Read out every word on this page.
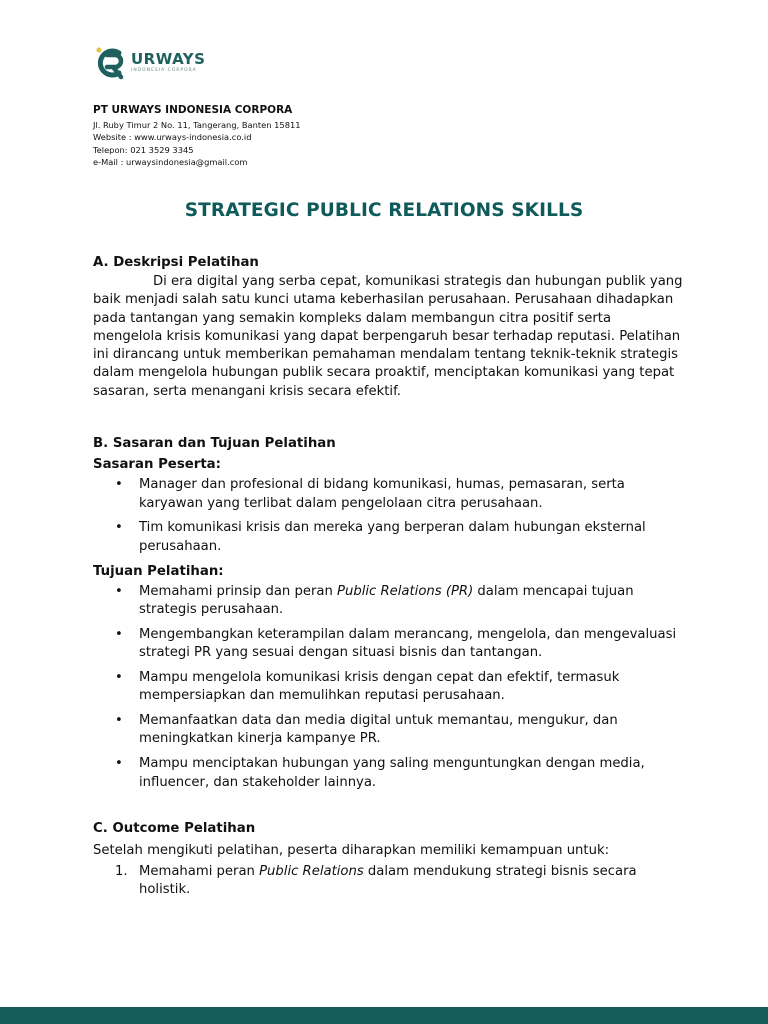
URWAYS
INDONESIA CORPORA
PT URWAYS INDONESIA CORPORA
Jl. Ruby Timur 2 No. 11, Tangerang, Banten 15811
Website : www.urways-indonesia.co.id
Telepon: 021 3529 3345
e-Mail : urwaysindonesia@gmail.com
STRATEGIC PUBLIC RELATIONS SKILLS
A. Deskripsi Pelatihan

Di era digital yang serba cepat, komunikasi strategis dan hubungan publik yang baik menjadi salah satu kunci utama keberhasilan perusahaan. Perusahaan dihadapkan pada tantangan yang semakin kompleks dalam membangun citra positif serta mengelola krisis komunikasi yang dapat berpengaruh besar terhadap reputasi. Pelatihan ini dirancang untuk memberikan pemahaman mendalam tentang teknik-teknik strategis dalam mengelola hubungan publik secara proaktif, menciptakan komunikasi yang tepat sasaran, serta menangani krisis secara efektif.

B. Sasaran dan Tujuan Pelatihan
Sasaran Peserta:
• Manager dan profesional di bidang komunikasi, humas, pemasaran, serta karyawan yang terlibat dalam pengelolaan citra perusahaan.
• Tim komunikasi krisis dan mereka yang berperan dalam hubungan eksternal perusahaan.
Tujuan Pelatihan:
• Memahami prinsip dan peran Public Relations (PR) dalam mencapai tujuan strategis perusahaan.
• Mengembangkan keterampilan dalam merancang, mengelola, dan mengevaluasi strategi PR yang sesuai dengan situasi bisnis dan tantangan.
• Mampu mengelola komunikasi krisis dengan cepat dan efektif, termasuk mempersiapkan dan memulihkan reputasi perusahaan.
• Memanfaatkan data dan media digital untuk memantau, mengukur, dan meningkatkan kinerja kampanye PR.
• Mampu menciptakan hubungan yang saling menguntungkan dengan media, influencer, dan stakeholder lainnya.
C. Outcome Pelatihan

Setelah mengikuti pelatihan, peserta diharapkan memiliki kemampuan untuk:

1. Memahami peran Public Relations dalam mendukung strategi bisnis secara holistik.
